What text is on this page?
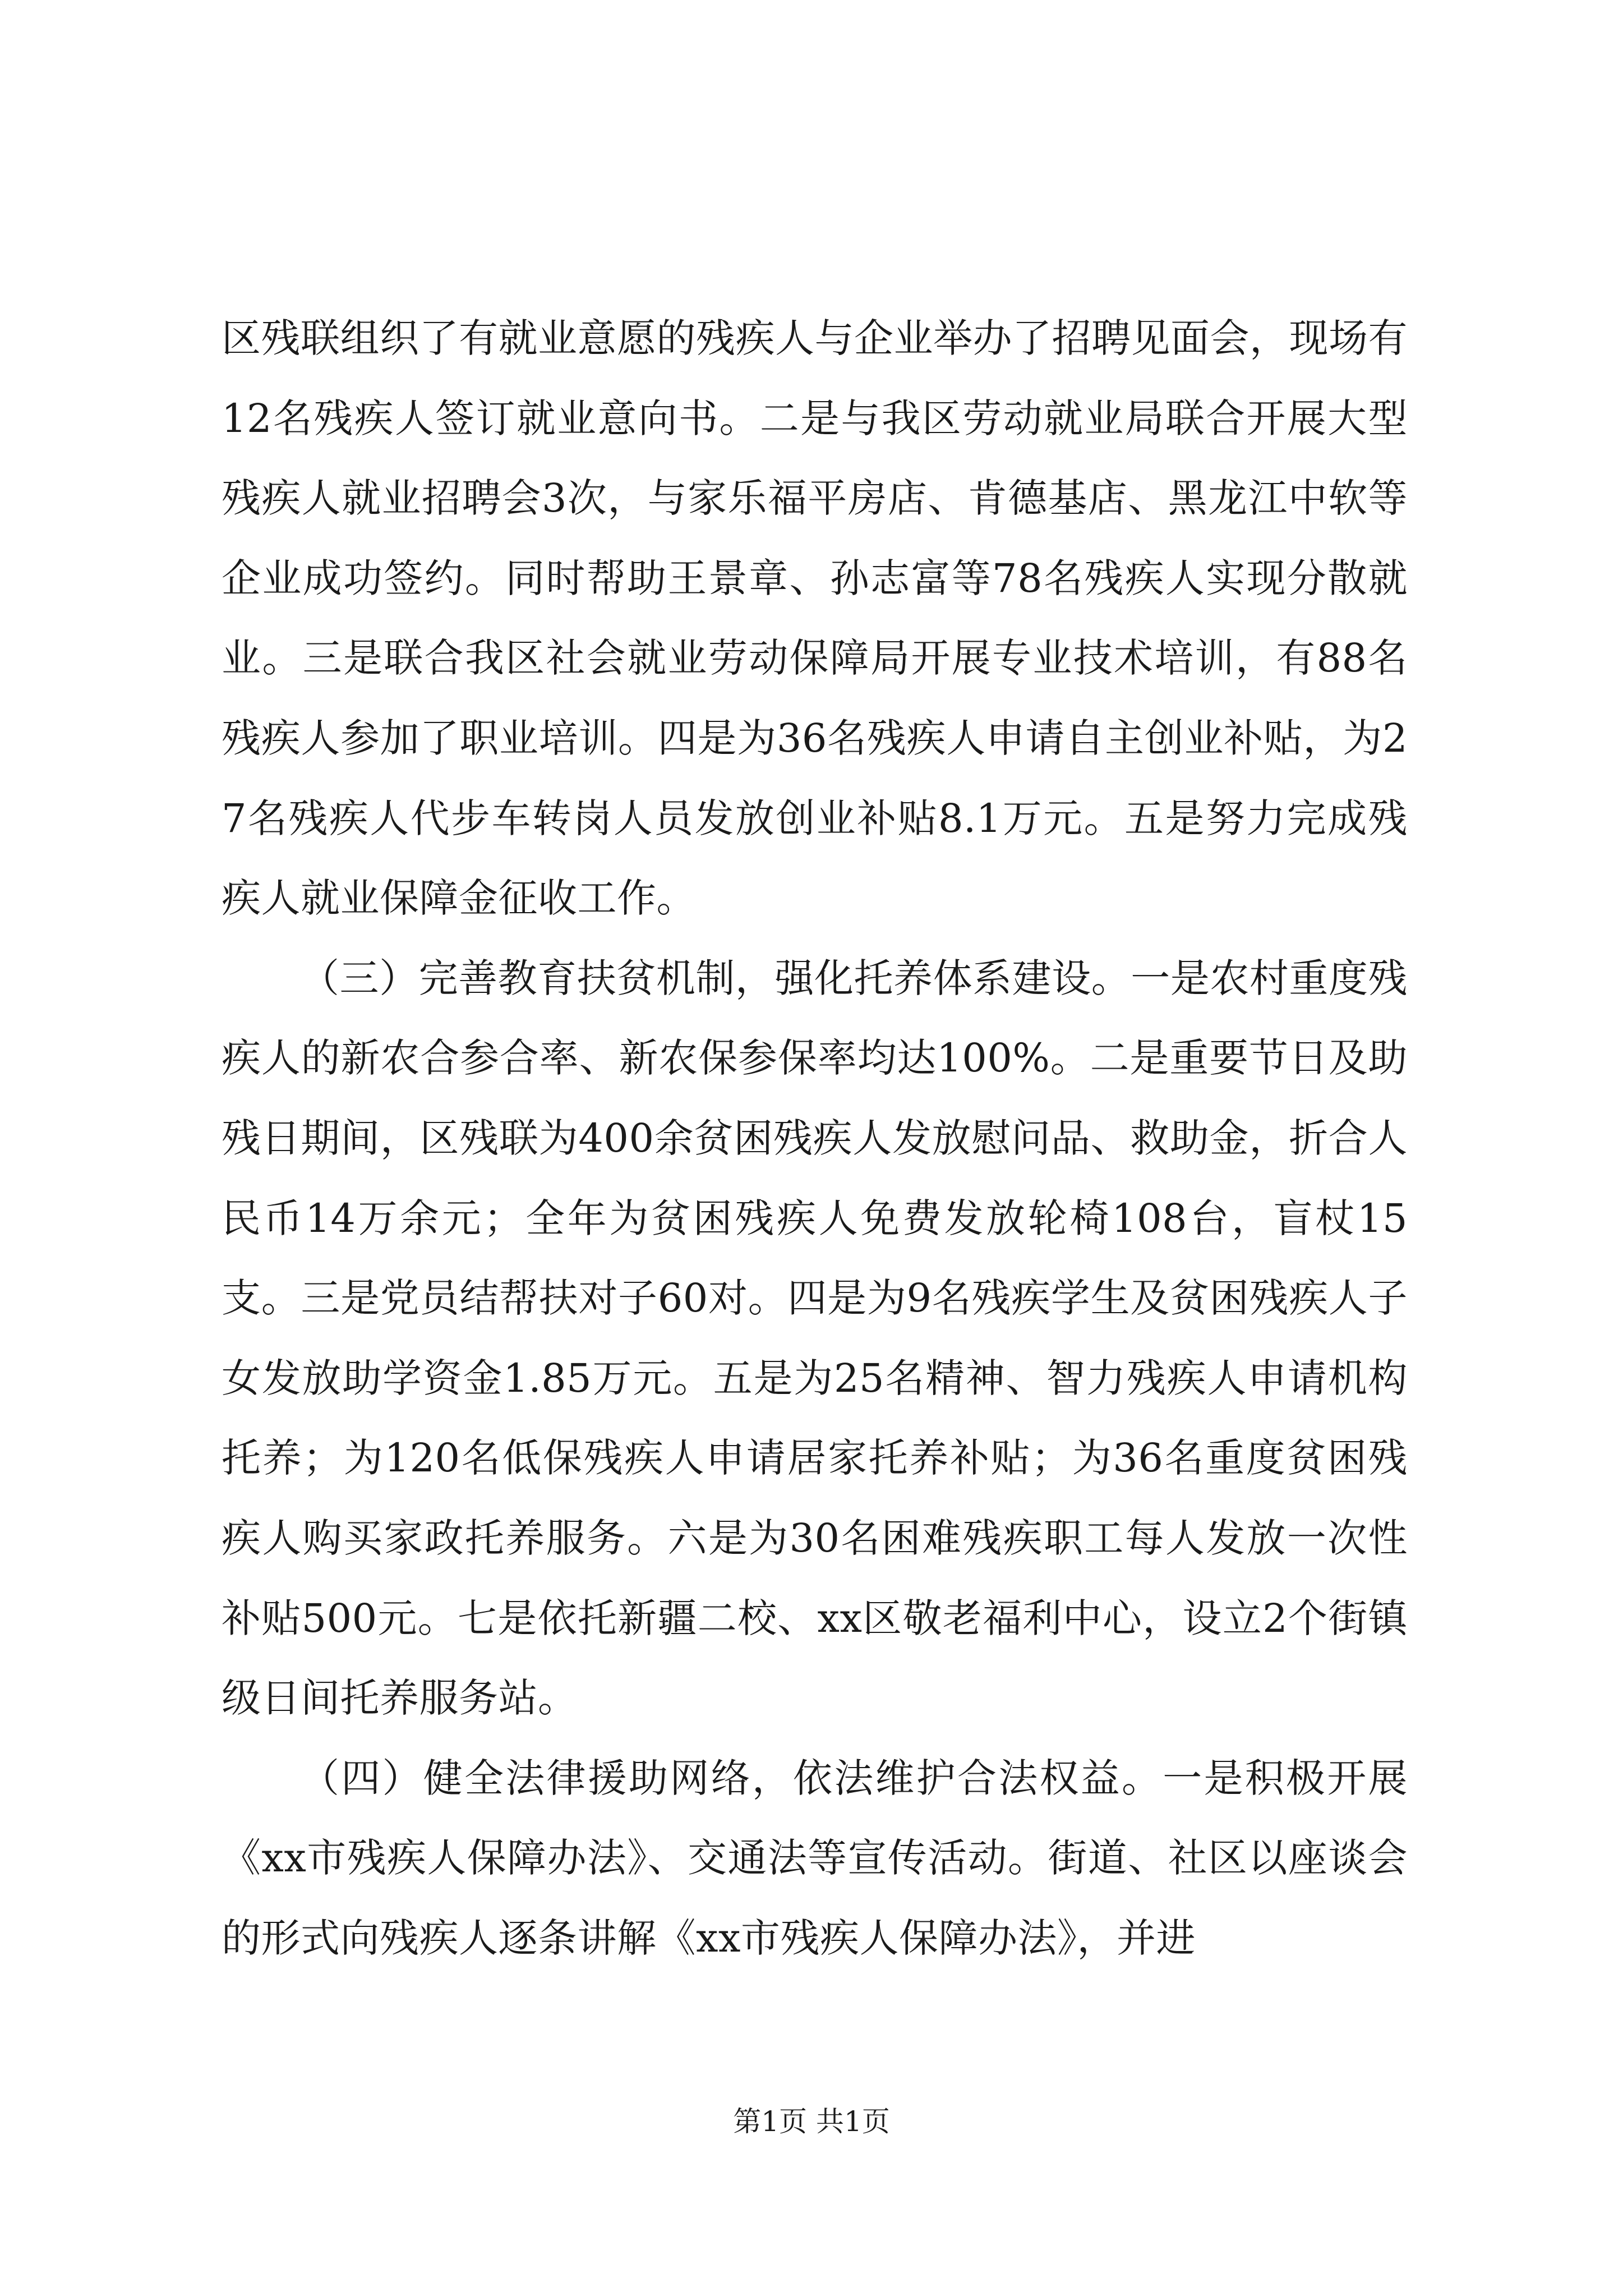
区残联组织了有就业意愿的残疾人与企业举办了招聘见面会，现场有12名残疾人签订就业意向书。二是与我区劳动就业局联合开展大型残疾人就业招聘会3次，与家乐福平房店、肯德基店、黑龙江中软等企业成功签约。同时帮助王景章、孙志富等78名残疾人实现分散就业。三是联合我区社会就业劳动保障局开展专业技术培训，有88名残疾人参加了职业培训。四是为36名残疾人申请自主创业补贴，为27名残疾人代步车转岗人员发放创业补贴8.1万元。五是努力完成残疾人就业保障金征收工作。

（三）完善教育扶贫机制，强化托养体系建设。一是农村重度残疾人的新农合参合率、新农保参保率均达100%。二是重要节日及助残日期间，区残联为400余贫困残疾人发放慰问品、救助金，折合人民币14万余元；全年为贫困残疾人免费发放轮椅108台，盲杖15支。三是党员结帮扶对子60对。四是为9名残疾学生及贫困残疾人子女发放助学资金1.85万元。五是为25名精神、智力残疾人申请机构托养；为120名低保残疾人申请居家托养补贴；为36名重度贫困残疾人购买家政托养服务。六是为30名困难残疾职工每人发放一次性补贴500元。七是依托新疆二校、xx区敬老福利中心，设立2个街镇级日间托养服务站。

（四）健全法律援助网络，依法维护合法权益。一是积极开展《xx市残疾人保障办法》、交通法等宣传活动。街道、社区以座谈会的形式向残疾人逐条讲解《xx市残疾人保障办法》，并进

第1页 共1页
